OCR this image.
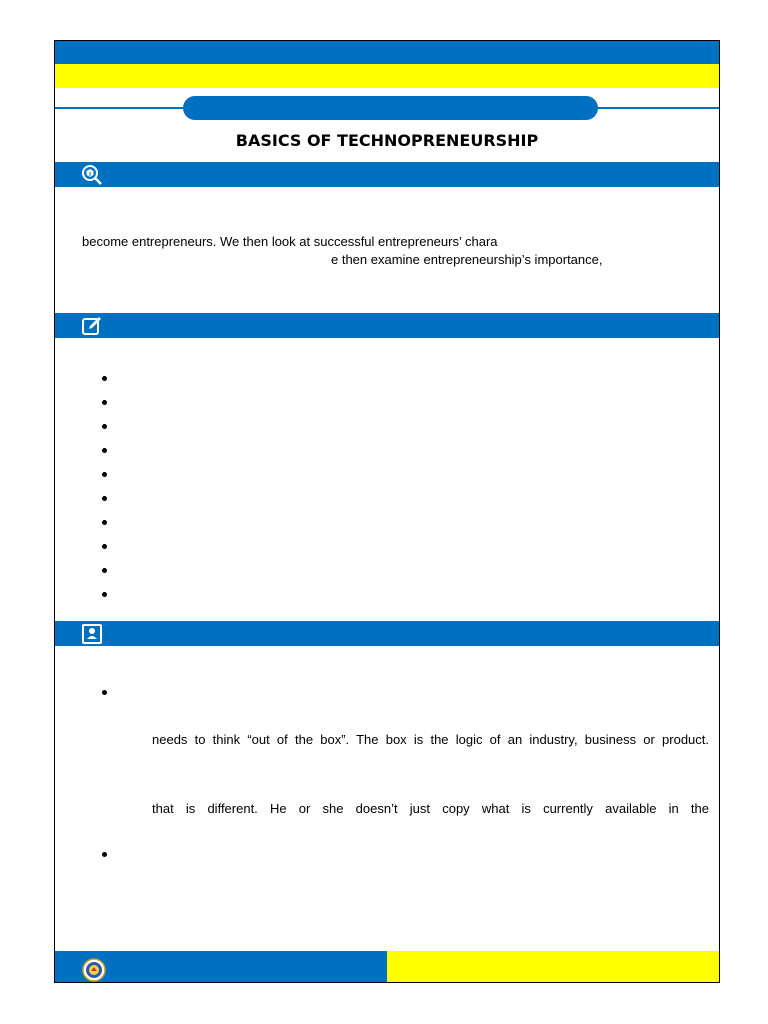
BASICS OF TECHNOPRENEURSHIP
become entrepreneurs. We then look at successful entrepreneurs’ chara
e then examine entrepreneurship’s importance,
needs to think “out of the box”. The box is the logic of an industry, business or product.
that is different. He or she doesn’t just copy what is currently available in the
